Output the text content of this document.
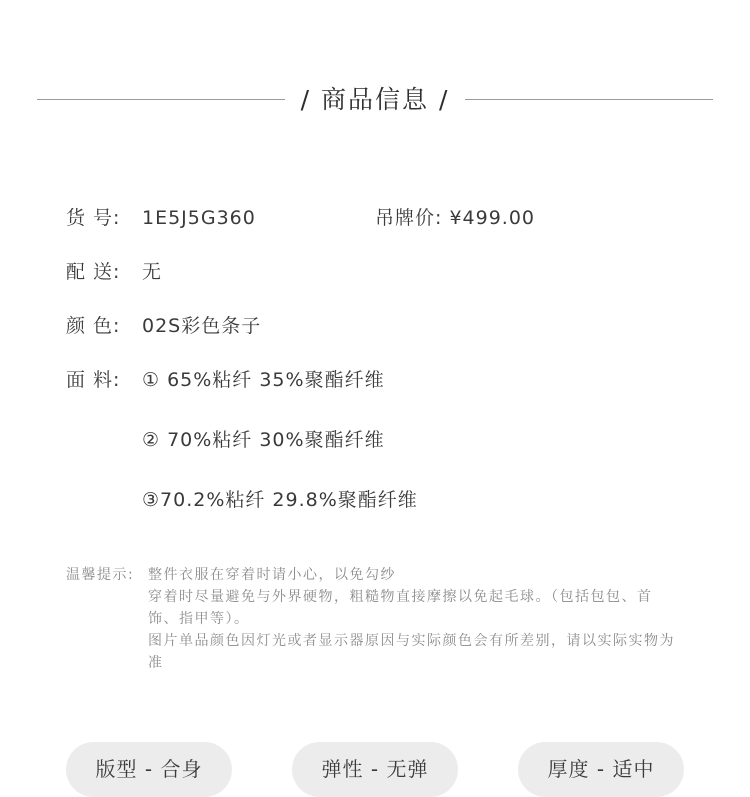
/ 商品信息 /
货 号: 1E5J5G360	吊牌价: ¥499.00
配 送: 无
颜 色: 02S彩色条子
面 料: ① 65%粘纤 35%聚酯纤维
② 70%粘纤 30%聚酯纤维
③70.2%粘纤 29.8%聚酯纤维
温馨提示: 整件衣服在穿着时请小心，以免勾纱

穿着时尽量避免与外界硬物，粗糙物直接摩擦以免起毛球。（包括包包、首饰、指甲等）。

图片单品颜色因灯光或者显示器原因与实际颜色会有所差别，请以实际实物为准

版型 - 合身	弹性 - 无弹	厚度 - 适中
